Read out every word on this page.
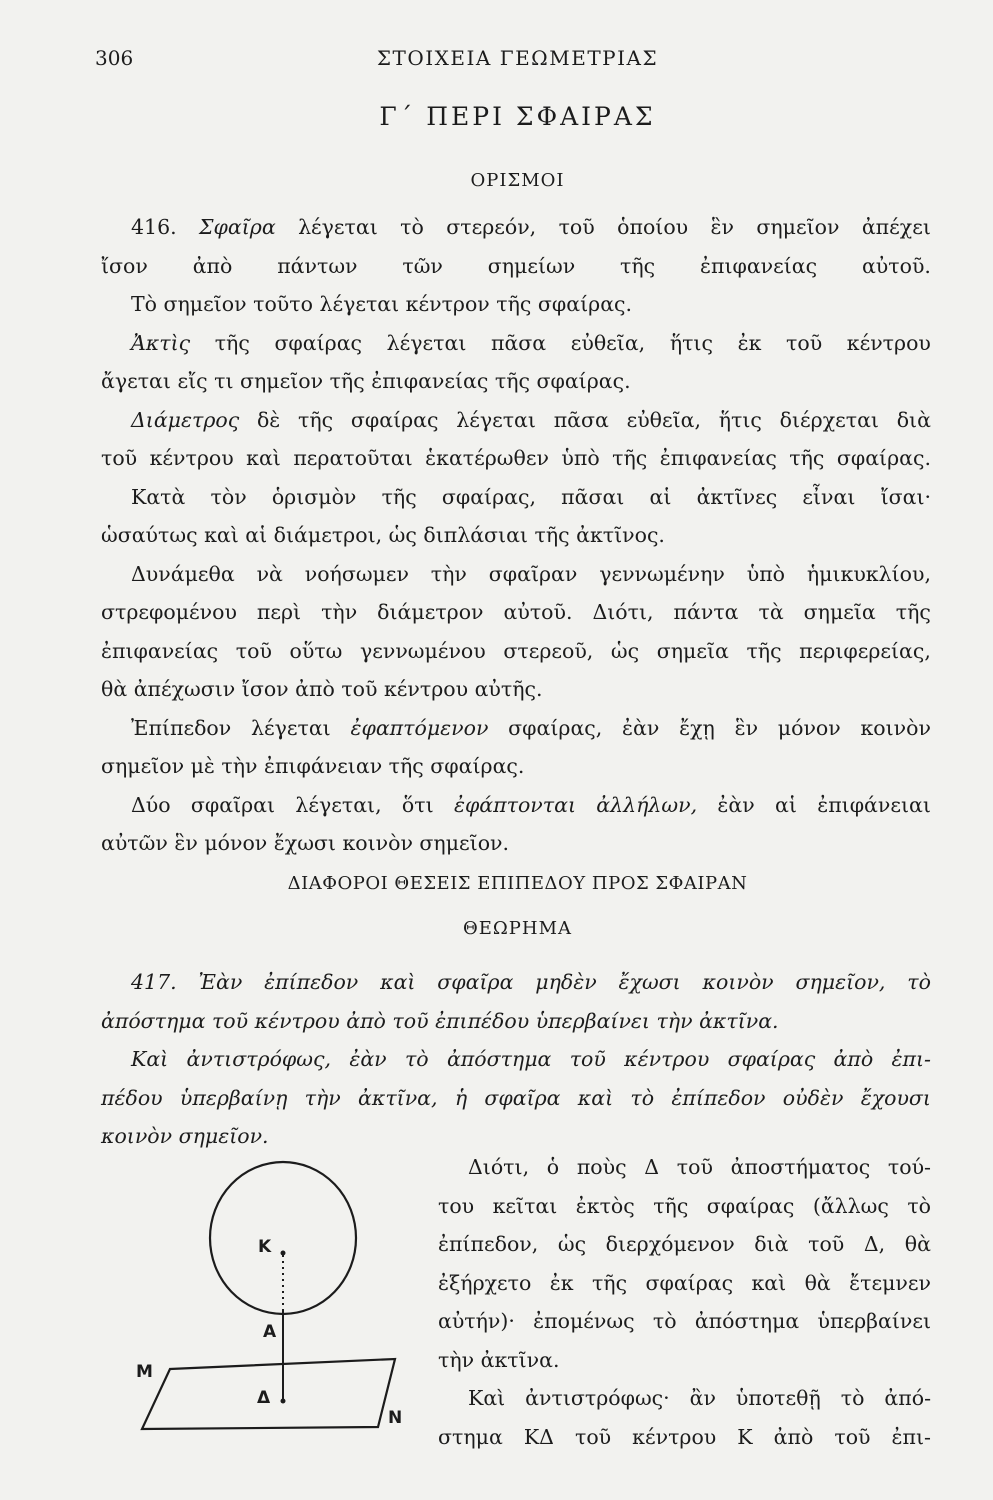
306	ΣΤΟΙΧΕΙΑ ΓΕΩΜΕΤΡΙΑΣ
Γ΄ ΠΕΡΙ ΣΦΑΙΡΑΣ
ΟΡΙΣΜΟΙ
416. Σφαῖρα λέγεται τὸ στερεόν, τοῦ ὁποίου ἓν σημεῖον ἀπέχει
ἴσον ἀπὸ πάντων τῶν σημείων τῆς ἐπιφανείας αὐτοῦ.
Τὸ σημεῖον τοῦτο λέγεται κέντρον τῆς σφαίρας.
Ἀκτὶς τῆς σφαίρας λέγεται πᾶσα εὐθεῖα, ἥτις ἐκ τοῦ κέντρου
ἄγεται εἴς τι σημεῖον τῆς ἐπιφανείας τῆς σφαίρας.
Διάμετρος δὲ τῆς σφαίρας λέγεται πᾶσα εὐθεῖα, ἥτις διέρχεται διὰ
τοῦ κέντρου καὶ περατοῦται ἑκατέρωθεν ὑπὸ τῆς ἐπιφανείας τῆς σφαίρας.
Κατὰ τὸν ὁρισμὸν τῆς σφαίρας, πᾶσαι αἱ ἀκτῖνες εἶναι ἴσαι·
ὡσαύτως καὶ αἱ διάμετροι, ὡς διπλάσιαι τῆς ἀκτῖνος.
Δυνάμεθα νὰ νοήσωμεν τὴν σφαῖραν γεννωμένην ὑπὸ ἡμικυκλίου,
στρεφομένου περὶ τὴν διάμετρον αὐτοῦ. Διότι, πάντα τὰ σημεῖα τῆς
ἐπιφανείας τοῦ οὕτω γεννωμένου στερεοῦ, ὡς σημεῖα τῆς περιφερείας,
θὰ ἀπέχωσιν ἴσον ἀπὸ τοῦ κέντρου αὐτῆς.
Ἐπίπεδον λέγεται ἐφαπτόμενον σφαίρας, ἐὰν ἔχῃ ἓν μόνον κοινὸν
σημεῖον μὲ τὴν ἐπιφάνειαν τῆς σφαίρας.
Δύο σφαῖραι λέγεται, ὅτι ἐφάπτονται ἀλλήλων, ἐὰν αἱ ἐπιφάνειαι
αὐτῶν ἓν μόνον ἔχωσι κοινὸν σημεῖον.
ΔΙΑΦΟΡΟΙ ΘΕΣΕΙΣ ΕΠΙΠΕΔΟΥ ΠΡΟΣ ΣΦΑΙΡΑΝ
ΘΕΩΡΗΜΑ
417. Ἐὰν ἐπίπεδον καὶ σφαῖρα μηδὲν ἔχωσι κοινὸν σημεῖον, τὸ
ἀπόστημα τοῦ κέντρου ἀπὸ τοῦ ἐπιπέδου ὑπερβαίνει τὴν ἀκτῖνα.
Καὶ ἀντιστρόφως, ἐὰν τὸ ἀπόστημα τοῦ κέντρου σφαίρας ἀπὸ ἐπι-
πέδου ὑπερβαίνῃ τὴν ἀκτῖνα, ἡ σφαῖρα καὶ τὸ ἐπίπεδον οὐδὲν ἔχουσι
κοινὸν σημεῖον.
K
A
Δ
M
N
Διότι, ὁ ποὺς Δ τοῦ ἀποστήματος τού-
του κεῖται ἐκτὸς τῆς σφαίρας (ἄλλως τὸ
ἐπίπεδον, ὡς διερχόμενον διὰ τοῦ Δ, θὰ
ἐξήρχετο ἐκ τῆς σφαίρας καὶ θὰ ἔτεμνεν
αὐτήν)· ἐπομένως τὸ ἀπόστημα ὑπερβαίνει
τὴν ἀκτῖνα.
Καὶ ἀντιστρόφως· ἂν ὑποτεθῇ τὸ ἀπό-
στημα ΚΔ τοῦ κέντρου Κ ἀπὸ τοῦ ἐπι-
